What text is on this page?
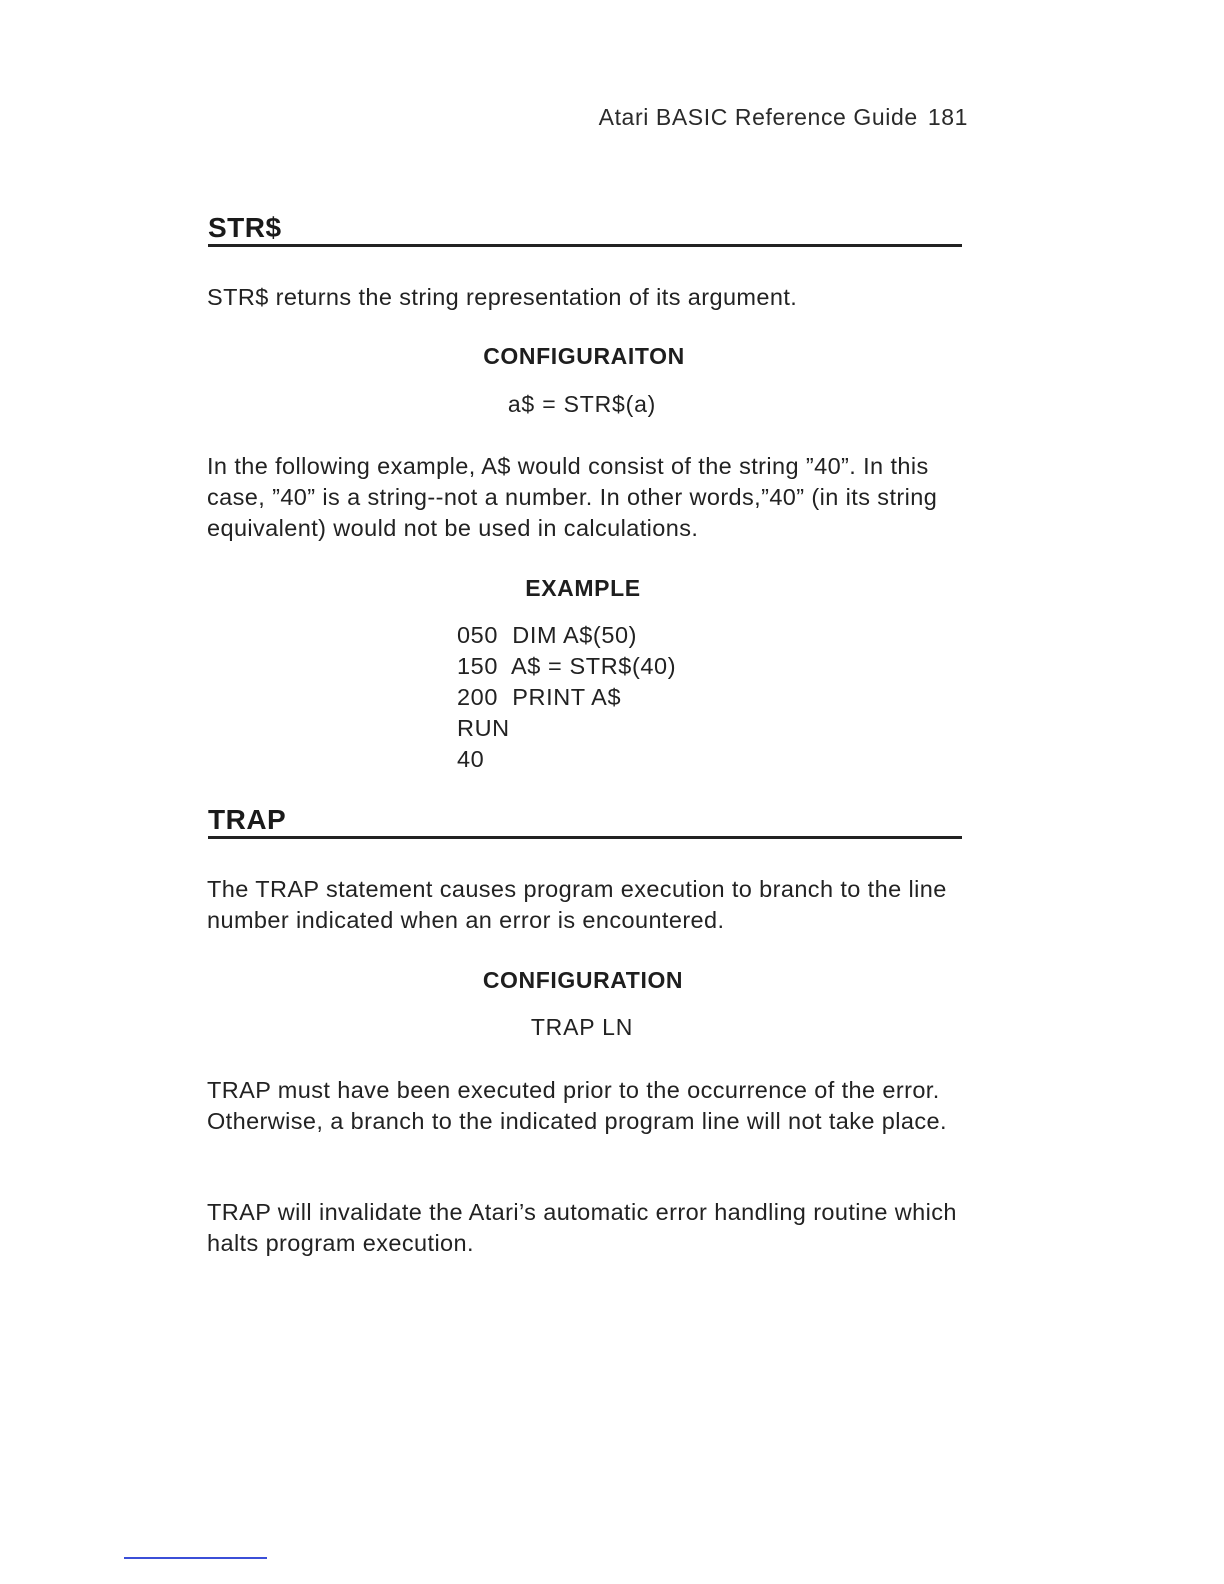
Atari BASIC Reference Guide 181
STR$

STR$ returns the string representation of its argument.

CONFIGURAITON
a$ = STR$(a)

In the following example, A$ would consist of the string ”40”. In this case, ”40” is a string--not a number. In other words,”40” (in its string equivalent) would not be used in calculations.

EXAMPLE
050  DIM A$(50)
150  A$ = STR$(40)
200  PRINT A$
RUN
40
TRAP

The TRAP statement causes program execution to branch to the line number indicated when an error is encountered.

CONFIGURATION
TRAP LN

TRAP must have been executed prior to the occurrence of the error. Otherwise, a branch to the indicated program line will not take place.

TRAP will invalidate the Atari’s automatic error handling routine which halts program execution.
